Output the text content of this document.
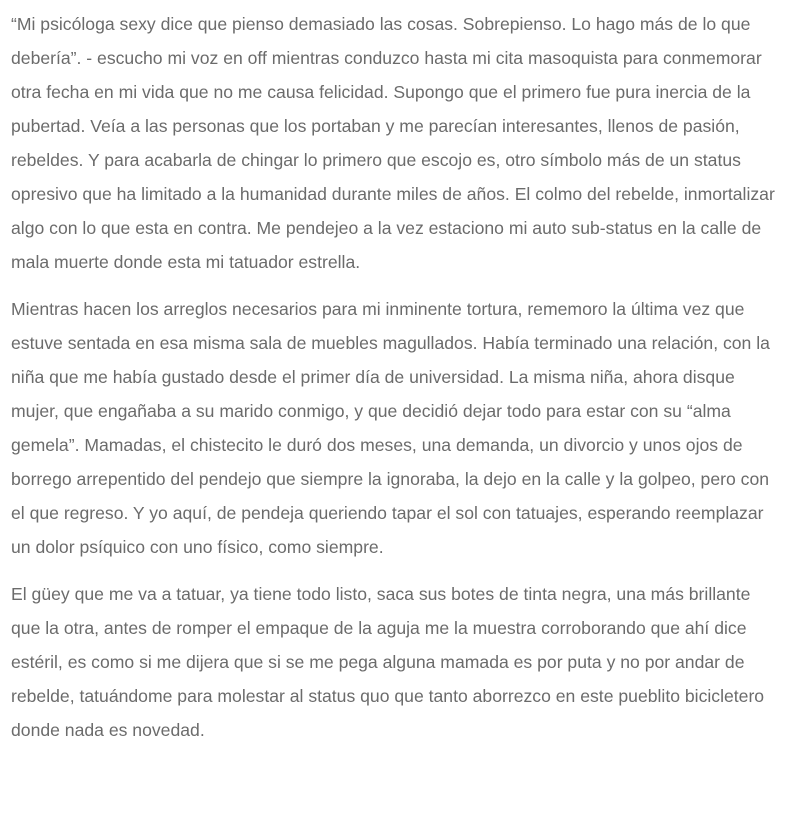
“Mi psicóloga sexy dice que pienso demasiado las cosas. Sobrepienso. Lo hago más de lo que debería”. - escucho mi voz en off mientras conduzco hasta mi cita masoquista para conmemorar otra fecha en mi vida que no me causa felicidad. Supongo que el primero fue pura inercia de la pubertad. Veía a las personas que los portaban y me parecían interesantes, llenos de pasión, rebeldes. Y para acabarla de chingar lo primero que escojo es, otro símbolo más de un status opresivo que ha limitado a la humanidad durante miles de años. El colmo del rebelde, inmortalizar algo con lo que esta en contra. Me pendejeo a la vez estaciono mi auto sub-status en la calle de mala muerte donde esta mi tatuador estrella.

Mientras hacen los arreglos necesarios para mi inminente tortura, rememoro la última vez que estuve sentada en esa misma sala de muebles magullados. Había terminado una relación, con la niña que me había gustado desde el primer día de universidad. La misma niña, ahora disque mujer, que engañaba a su marido conmigo, y que decidió dejar todo para estar con su “alma gemela”. Mamadas, el chistecito le duró dos meses, una demanda, un divorcio y unos ojos de borrego arrepentido del pendejo que siempre la ignoraba, la dejo en la calle y la golpeo, pero con el que regreso. Y yo aquí, de pendeja queriendo tapar el sol con tatuajes, esperando reemplazar un dolor psíquico con uno físico, como siempre.

El güey que me va a tatuar, ya tiene todo listo, saca sus botes de tinta negra, una más brillante que la otra, antes de romper el empaque de la aguja me la muestra corroborando que ahí dice estéril, es como si me dijera que si se me pega alguna mamada es por puta y no por andar de rebelde, tatuándome para molestar al status quo que tanto aborrezco en este pueblito bicicletero donde nada es novedad.
